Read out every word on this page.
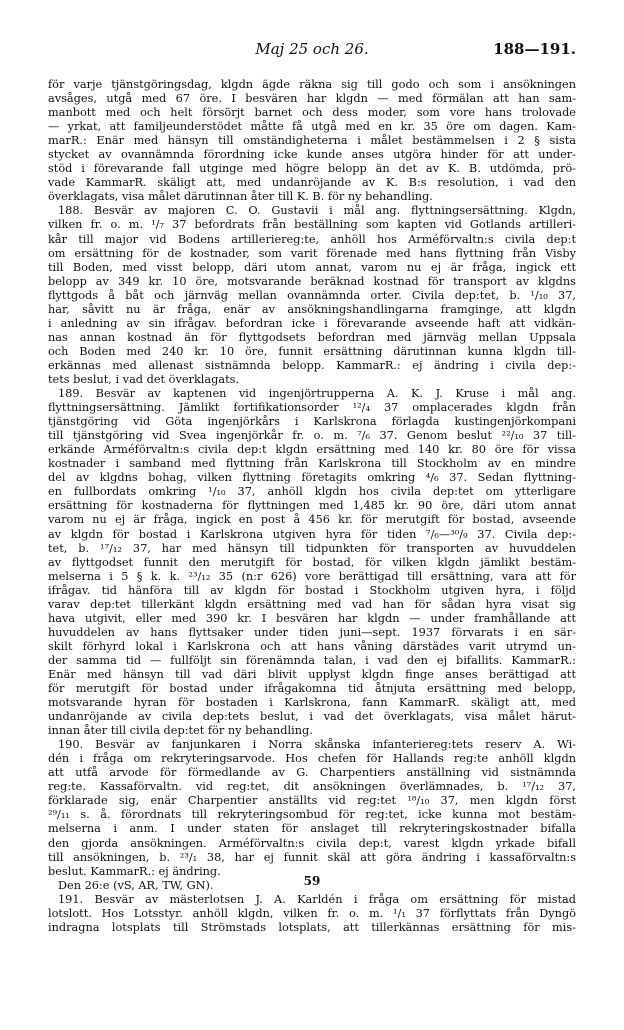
Maj 25 och 26.	188—191.
för varje tjänstgöringsdag, klgdn ägde räkna sig till godo och som i ansökningen
avsåges, utgå med 67 öre. I besvären har klgdn — med förmälan att han sam-
manbott med och helt försörjt barnet och dess moder, som vore hans trolovade
— yrkat, att familjeunderstödet måtte få utgå med en kr. 35 öre om dagen. Kam-
marR.: Enär med hänsyn till omständigheterna i målet bestämmelsen i 2 § sista
stycket av ovannämnda förordning icke kunde anses utgöra hinder för att under-
stöd i förevarande fall utginge med högre belopp än det av K. B. utdömda, prö-
vade KammarR. skäligt att, med undanröjande av K. B:s resolution, i vad den
överklagats, visa målet därutinnan åter till K. B. för ny behandling.
188. Besvär av majoren C. O. Gustavii i mål ang. flyttningsersättning. Klgdn,
vilken fr. o. m. ¹/₇ 37 befordrats från beställning som kapten vid Gotlands artilleri-
kår till major vid Bodens artilleriereg:te, anhöll hos Arméförvaltn:s civila dep:t
om ersättning för de kostnader, som varit förenade med hans flyttning från Visby
till Boden, med visst belopp, däri utom annat, varom nu ej är fråga, ingick ett
belopp av 349 kr. 10 öre, motsvarande beräknad kostnad för transport av klgdns
flyttgods å båt och järnväg mellan ovannämnda orter. Civila dep:tet, b. ¹/₁₀ 37,
har, såvitt nu är fråga, enär av ansökningshandlingarna framginge, att klgdn
i anledning av sin ifrågav. befordran icke i förevarande avseende haft att vidkän-
nas annan kostnad än för flyttgodsets befordran med järnväg mellan Uppsala
och Boden med 240 kr. 10 öre, funnit ersättning därutinnan kunna klgdn till-
erkännas med allenast sistnämnda belopp. KammarR.: ej ändring i civila dep:-
tets beslut, i vad det överklagats.
189. Besvär av kaptenen vid ingenjörtrupperna A. K. J. Kruse i mål ang.
flyttningsersättning. Jämlikt fortifikationsorder ¹²/₄ 37 omplacerades klgdn från
tjänstgöring vid Göta ingenjörkårs i Karlskrona förlagda kustingenjörkompani
till tjänstgöring vid Svea ingenjörkår fr. o. m. ⁷/₆ 37. Genom beslut ²²/₁₀ 37 till-
erkände Arméförvaltn:s civila dep:t klgdn ersättning med 140 kr. 80 öre för vissa
kostnader i samband med flyttning från Karlskrona till Stockholm av en mindre
del av klgdns bohag, vilken flyttning företagits omkring ⁴/₆ 37. Sedan flyttning-
en fullbordats omkring ¹/₁₀ 37, anhöll klgdn hos civila dep:tet om ytterligare
ersättning för kostnaderna för flyttningen med 1,485 kr. 90 öre, däri utom annat
varom nu ej är fråga, ingick en post å 456 kr. för merutgift för bostad, avseende
av klgdn för bostad i Karlskrona utgiven hyra för tiden ⁷/₆—³⁰/₉ 37. Civila dep:-
tet, b. ¹⁷/₁₂ 37, har med hänsyn till tidpunkten för transporten av huvuddelen
av flyttgodset funnit den merutgift för bostad, för vilken klgdn jämlikt bestäm-
melserna i 5 § k. k. ²³/₁₂ 35 (n:r 626) vore berättigad till ersättning, vara att för
ifrågav. tid hänföra till av klgdn för bostad i Stockholm utgiven hyra, i följd
varav dep:tet tillerkänt klgdn ersättning med vad han för sådan hyra visat sig
hava utgivit, eller med 390 kr. I besvären har klgdn — under framhållande att
huvuddelen av hans flyttsaker under tiden juni—sept. 1937 förvarats i en sär-
skilt förhyrd lokal i Karlskrona och att hans våning därstädes varit utrymd un-
der samma tid — fullföljt sin förenämnda talan, i vad den ej bifallits. KammarR.:
Enär med hänsyn till vad däri blivit upplyst klgdn finge anses berättigad att
för merutgift för bostad under ifrågakomna tid åtnjuta ersättning med belopp,
motsvarande hyran för bostaden i Karlskrona, fann KammarR. skäligt att, med
undanröjande av civila dep:tets beslut, i vad det överklagats, visa målet härut-
innan åter till civila dep:tet för ny behandling.
190. Besvär av fanjunkaren i Norra skånska infanteriereg:tets reserv A. Wi-
dén i fråga om rekryteringsarvode. Hos chefen för Hallands reg:te anhöll klgdn
att utfå arvode för förmedlande av G. Charpentiers anställning vid sistnämnda
reg:te. Kassaförvaltn. vid reg:tet, dit ansökningen överlämnades, b. ¹⁷/₁₂ 37,
förklarade sig, enär Charpentier anställts vid reg:tet ¹⁸/₁₀ 37, men klgdn först
²⁹/₁₁ s. å. förordnats till rekryteringsombud för reg:tet, icke kunna mot bestäm-
melserna i anm. I under staten för anslaget till rekryteringskostnader bifalla
den gjorda ansökningen. Arméförvaltn:s civila dep:t, varest klgdn yrkade bifall
till ansökningen, b. ²³/₁ 38, har ej funnit skäl att göra ändring i kassaförvaltn:s
beslut. KammarR.: ej ändring.
Den 26:e (vS, AR, TW, GN).
191. Besvär av mästerlotsen J. A. Karldén i fråga om ersättning för mistad
lotslott. Hos Lotsstyr. anhöll klgdn, vilken fr. o. m. ¹/₁ 37 förflyttats från Dyngö
indragna lotsplats till Strömstads lotsplats, att tillerkännas ersättning för mis-
59
